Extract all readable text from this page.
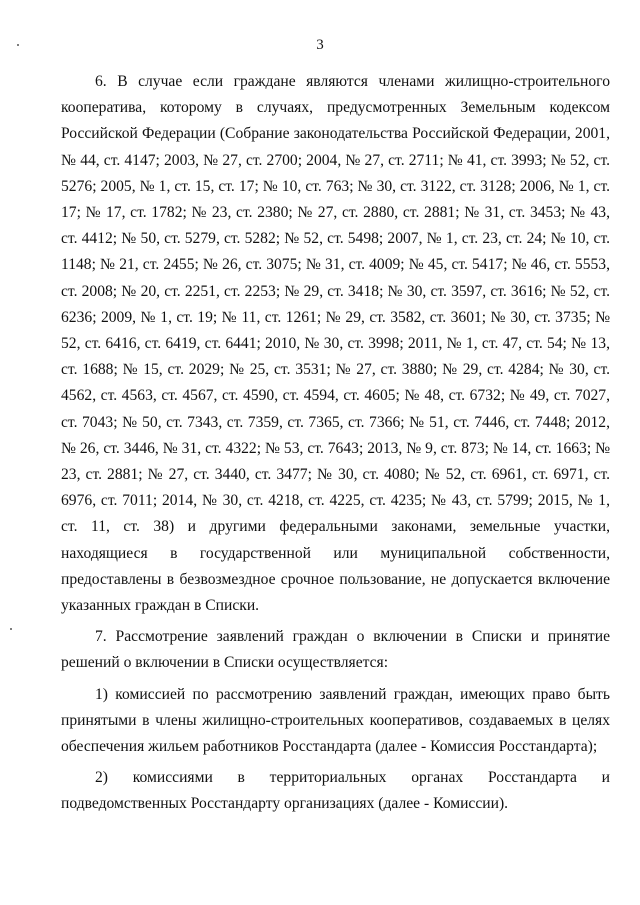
3

6. В случае если граждане являются членами жилищно-строительного кооператива, которому в случаях, предусмотренных Земельным кодексом Российской Федерации (Собрание законодательства Российской Федерации, 2001, № 44, ст. 4147; 2003, № 27, ст. 2700; 2004, № 27, ст. 2711; № 41, ст. 3993; № 52, ст. 5276; 2005, № 1, ст. 15, ст. 17; № 10, ст. 763; № 30, ст. 3122, ст. 3128; 2006, № 1, ст. 17; № 17, ст. 1782; № 23, ст. 2380; № 27, ст. 2880, ст. 2881; № 31, ст. 3453; № 43, ст. 4412; № 50, ст. 5279, ст. 5282; № 52, ст. 5498; 2007, № 1, ст. 23, ст. 24; № 10, ст. 1148; № 21, ст. 2455; № 26, ст. 3075; № 31, ст. 4009; № 45, ст. 5417; № 46, ст. 5553, ст. 2008; № 20, ст. 2251, ст. 2253; № 29, ст. 3418; № 30, ст. 3597, ст. 3616; № 52, ст. 6236; 2009, № 1, ст. 19; № 11, ст. 1261; № 29, ст. 3582, ст. 3601; № 30, ст. 3735; № 52, ст. 6416, ст. 6419, ст. 6441; 2010, № 30, ст. 3998; 2011, № 1, ст. 47, ст. 54; № 13, ст. 1688; № 15, ст. 2029; № 25, ст. 3531; № 27, ст. 3880; № 29, ст. 4284; № 30, ст. 4562, ст. 4563, ст. 4567, ст. 4590, ст. 4594, ст. 4605; № 48, ст. 6732; № 49, ст. 7027, ст. 7043; № 50, ст. 7343, ст. 7359, ст. 7365, ст. 7366; № 51, ст. 7446, ст. 7448; 2012, № 26, ст. 3446, № 31, ст. 4322; № 53, ст. 7643; 2013, № 9, ст. 873; № 14, ст. 1663; № 23, ст. 2881; № 27, ст. 3440, ст. 3477; № 30, ст. 4080; № 52, ст. 6961, ст. 6971, ст. 6976, ст. 7011; 2014, № 30, ст. 4218, ст. 4225, ст. 4235; № 43, ст. 5799; 2015, № 1, ст. 11, ст. 38) и другими федеральными законами, земельные участки, находящиеся в государственной или муниципальной собственности, предоставлены в безвозмездное срочное пользование, не допускается включение указанных граждан в Списки.

7. Рассмотрение заявлений граждан о включении в Списки и принятие решений о включении в Списки осуществляется:

1) комиссией по рассмотрению заявлений граждан, имеющих право быть принятыми в члены жилищно-строительных кооперативов, создаваемых в целях обеспечения жильем работников Росстандарта (далее - Комиссия Росстандарта);

2) комиссиями в территориальных органах Росстандарта и подведомственных Росстандарту организациях (далее - Комиссии).
